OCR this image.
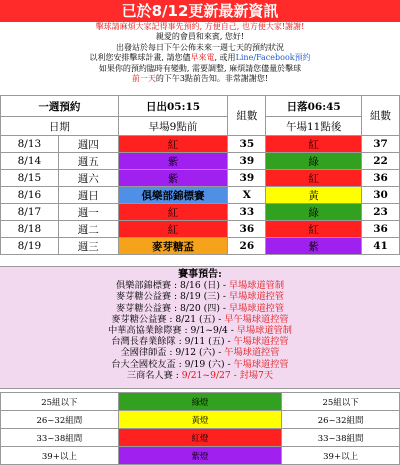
已於8/12更新最新資訊
擊球請麻煩大家記得事先預約, 方便自己, 也方便大家!謝謝!
親愛的會員和來賓, 您好!
出發站於每日下午公佈未來一週七天的預約狀況
以利您安排擊球計畫, 請您儘早來電, 或用Line/Facebook預約
如果你的預約臨時有變動, 需要調整, 麻煩請您儘量於擊球
前一天的下午3點前告知。非常謝謝您!
一週預約		日出05:15	組數	日落06:45	組數
日期		早場9點前		午場11點後	
8/13	週四	紅	35	紅	37
8/14	週五	紫	39	綠	22
8/15	週六	紫	39	紅	36
8/16	週日	俱樂部錦標賽	X	黃	30
8/17	週一	紅	33	綠	23
8/18	週二	紅	36	紅	36
8/19	週三	麥芽糖盃	26	紫	41
賽事預告:
俱樂部錦標賽 : 8/16 (日) - 早場球道管制
麥芽糖公益賽 : 8/19 (三) - 早場球道控管
麥芽糖公益賽 : 8/20 (四) - 早場球道控管
麥芽糖公益賽 : 8/21 (五) - 早午場球道控管
中華高協業餘際賽 : 9/1~9/4 - 早場球道管制
台灣長春業餘隊 : 9/11 (五) - 午場球道控管
全國律師盃 : 9/12 (六) - 午場球道控管
台大全國校友盃 : 9/19 (六) - 午場球道控管
三商名人賽 : 9/21~9/27 - 封場7天
25組以下	綠燈	25組以下
26~32組間	黃燈	26~32組間
33~38組間	紅燈	33~38組間
39+以上	紫燈	39+以上
